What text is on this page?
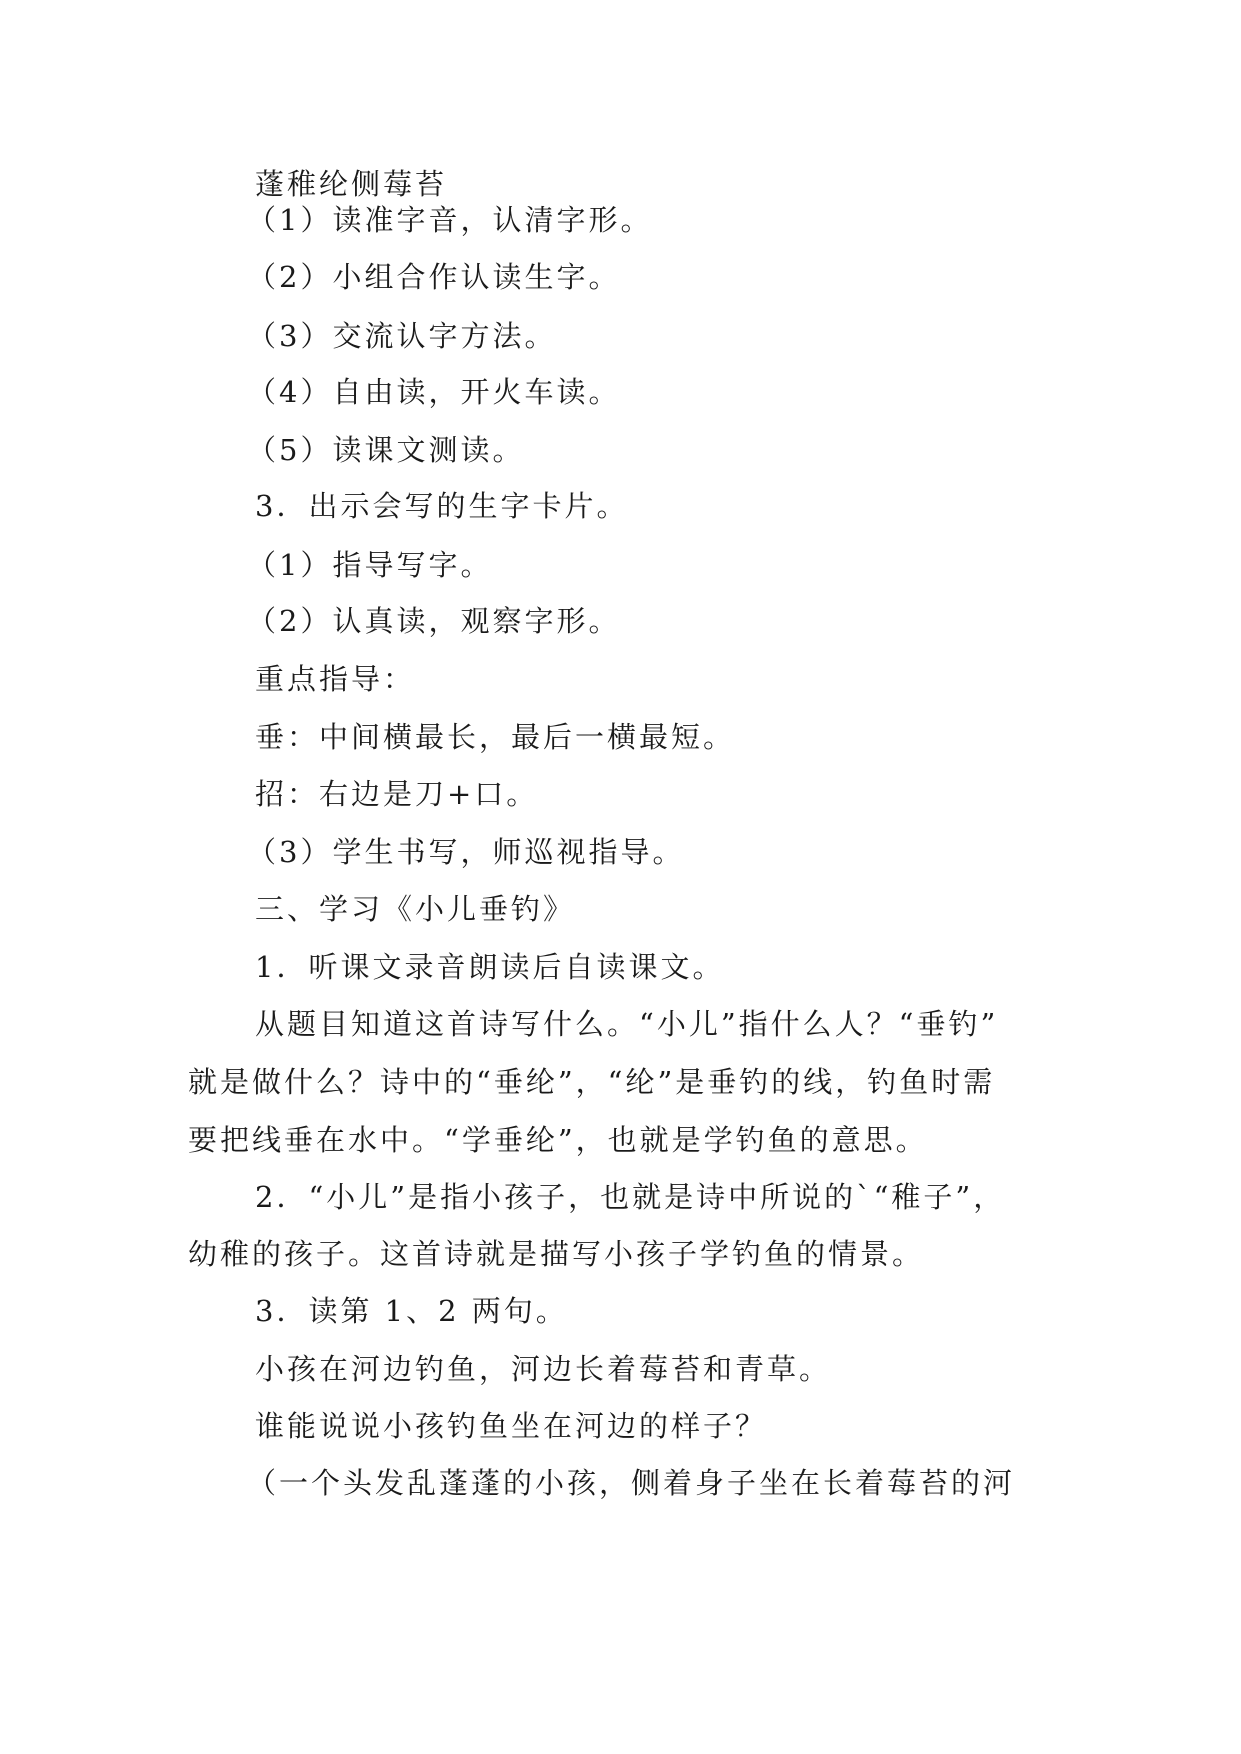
蓬稚纶侧莓苔
（1）读准字音，认清字形。
（2）小组合作认读生字。
（3）交流认字方法。
（4）自由读，开火车读。
（5）读课文测读。
3．出示会写的生字卡片。
（1）指导写字。
（2）认真读，观察字形。
重点指导：
垂：中间横最长，最后一横最短。
招：右边是刀+口。
（3）学生书写，师巡视指导。
三、学习《小儿垂钓》
1．听课文录音朗读后自读课文。
从题目知道这首诗写什么。“小儿”指什么人？“垂钓”
就是做什么？诗中的“垂纶”，“纶”是垂钓的线，钓鱼时需
要把线垂在水中。“学垂纶”，也就是学钓鱼的意思。
2．“小儿”是指小孩子，也就是诗中所说的`“稚子”，
幼稚的孩子。这首诗就是描写小孩子学钓鱼的情景。
3．读第 1、2 两句。
小孩在河边钓鱼，河边长着莓苔和青草。
谁能说说小孩钓鱼坐在河边的样子？
（一个头发乱蓬蓬的小孩，侧着身子坐在长着莓苔的河
